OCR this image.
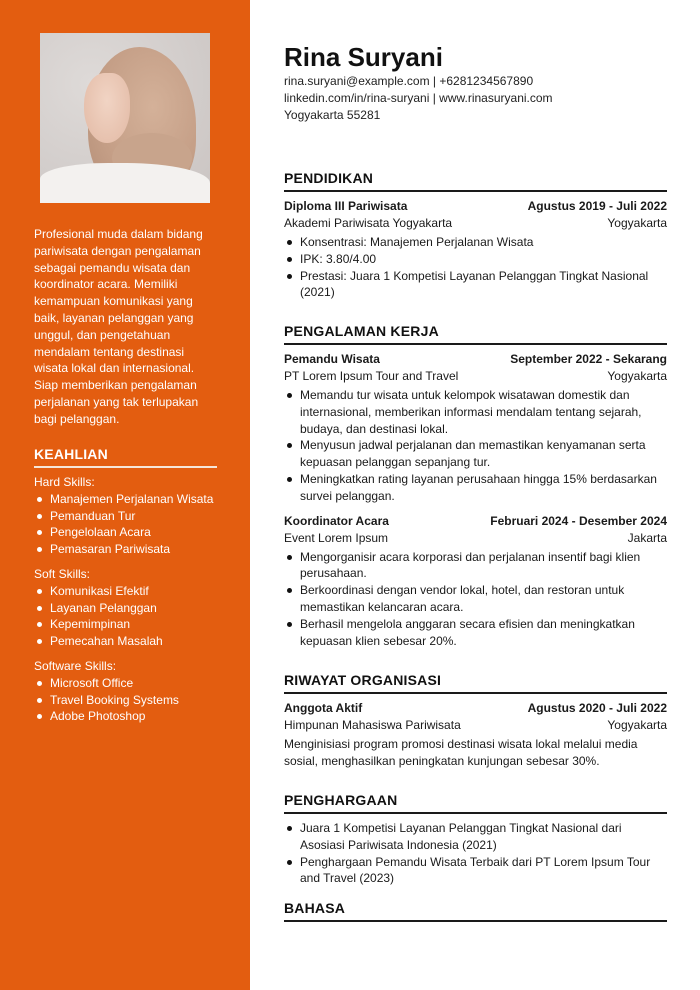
Profesional muda dalam bidang pariwisata dengan pengalaman sebagai pemandu wisata dan koordinator acara. Memiliki kemampuan komunikasi yang baik, layanan pelanggan yang unggul, dan pengetahuan mendalam tentang destinasi wisata lokal dan internasional. Siap memberikan pengalaman perjalanan yang tak terlupakan bagi pelanggan.

KEAHLIAN
Hard Skills:
Manajemen Perjalanan Wisata
Pemanduan Tur
Pengelolaan Acara
Pemasaran Pariwisata
Soft Skills:
Komunikasi Efektif
Layanan Pelanggan
Kepemimpinan
Pemecahan Masalah
Software Skills:
Microsoft Office
Travel Booking Systems
Adobe Photoshop
Rina Suryani
rina.suryani@example.com | +6281234567890
linkedin.com/in/rina-suryani | www.rinasuryani.com
Yogyakarta 55281
PENDIDIKAN
Diploma III Pariwisata	Agustus 2019 - Juli 2022
Akademi Pariwisata Yogyakarta	Yogyakarta
Konsentrasi: Manajemen Perjalanan Wisata
IPK: 3.80/4.00
Prestasi: Juara 1 Kompetisi Layanan Pelanggan Tingkat Nasional (2021)
PENGALAMAN KERJA
Pemandu Wisata	September 2022 - Sekarang
PT Lorem Ipsum Tour and Travel	Yogyakarta
Memandu tur wisata untuk kelompok wisatawan domestik dan internasional, memberikan informasi mendalam tentang sejarah, budaya, dan destinasi lokal.
Menyusun jadwal perjalanan dan memastikan kenyamanan serta kepuasan pelanggan sepanjang tur.
Meningkatkan rating layanan perusahaan hingga 15% berdasarkan survei pelanggan.
Koordinator Acara	Februari 2024 - Desember 2024
Event Lorem Ipsum	Jakarta
Mengorganisir acara korporasi dan perjalanan insentif bagi klien perusahaan.
Berkoordinasi dengan vendor lokal, hotel, dan restoran untuk memastikan kelancaran acara.
Berhasil mengelola anggaran secara efisien dan meningkatkan kepuasan klien sebesar 20%.
RIWAYAT ORGANISASI
Anggota Aktif	Agustus 2020 - Juli 2022
Himpunan Mahasiswa Pariwisata	Yogyakarta

Menginisiasi program promosi destinasi wisata lokal melalui media sosial, menghasilkan peningkatan kunjungan sebesar 30%.

PENGHARGAAN
Juara 1 Kompetisi Layanan Pelanggan Tingkat Nasional dari Asosiasi Pariwisata Indonesia (2021)
Penghargaan Pemandu Wisata Terbaik dari PT Lorem Ipsum Tour and Travel (2023)
BAHASA
